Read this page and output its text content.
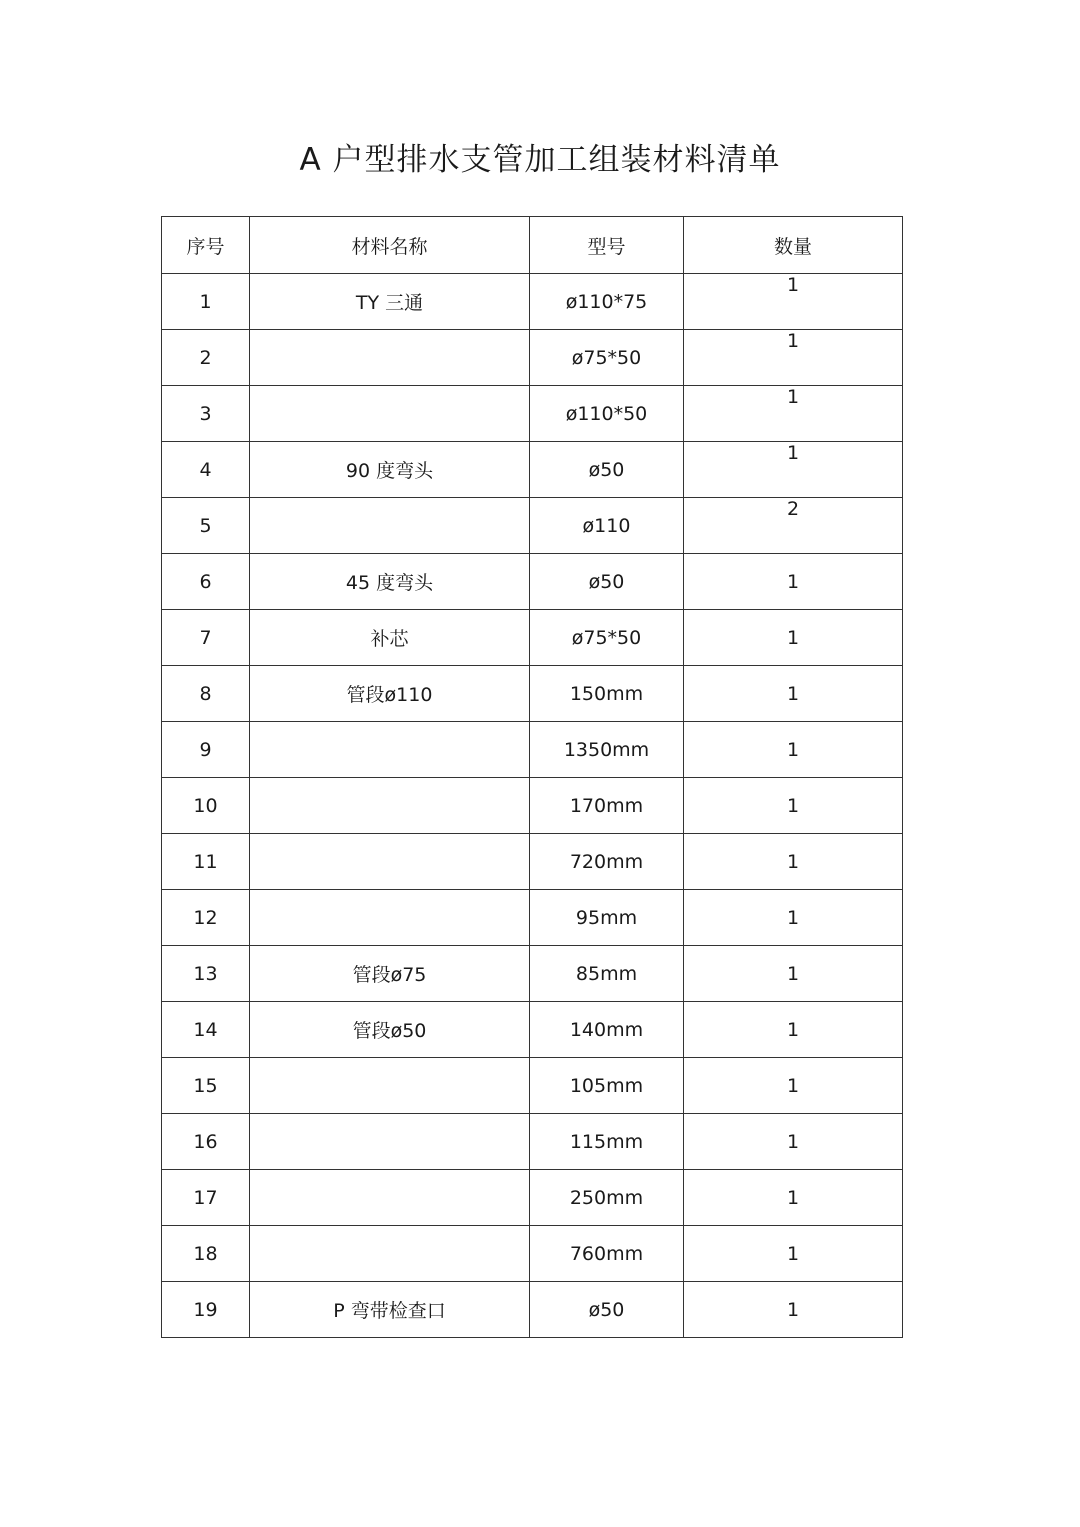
A 户型排水支管加工组装材料清单
序号	材料名称	型号	数量
1	TY 三通	ø110*75	1
2		ø75*50	1
3		ø110*50	1
4	90 度弯头	ø50	1
5		ø110	2
6	45 度弯头	ø50	1
7	补芯	ø75*50	1
8	管段ø110	150mm	1
9		1350mm	1
10		170mm	1
11		720mm	1
12		95mm	1
13	管段ø75	85mm	1
14	管段ø50	140mm	1
15		105mm	1
16		115mm	1
17		250mm	1
18		760mm	1
19	P 弯带检查口	ø50	1
